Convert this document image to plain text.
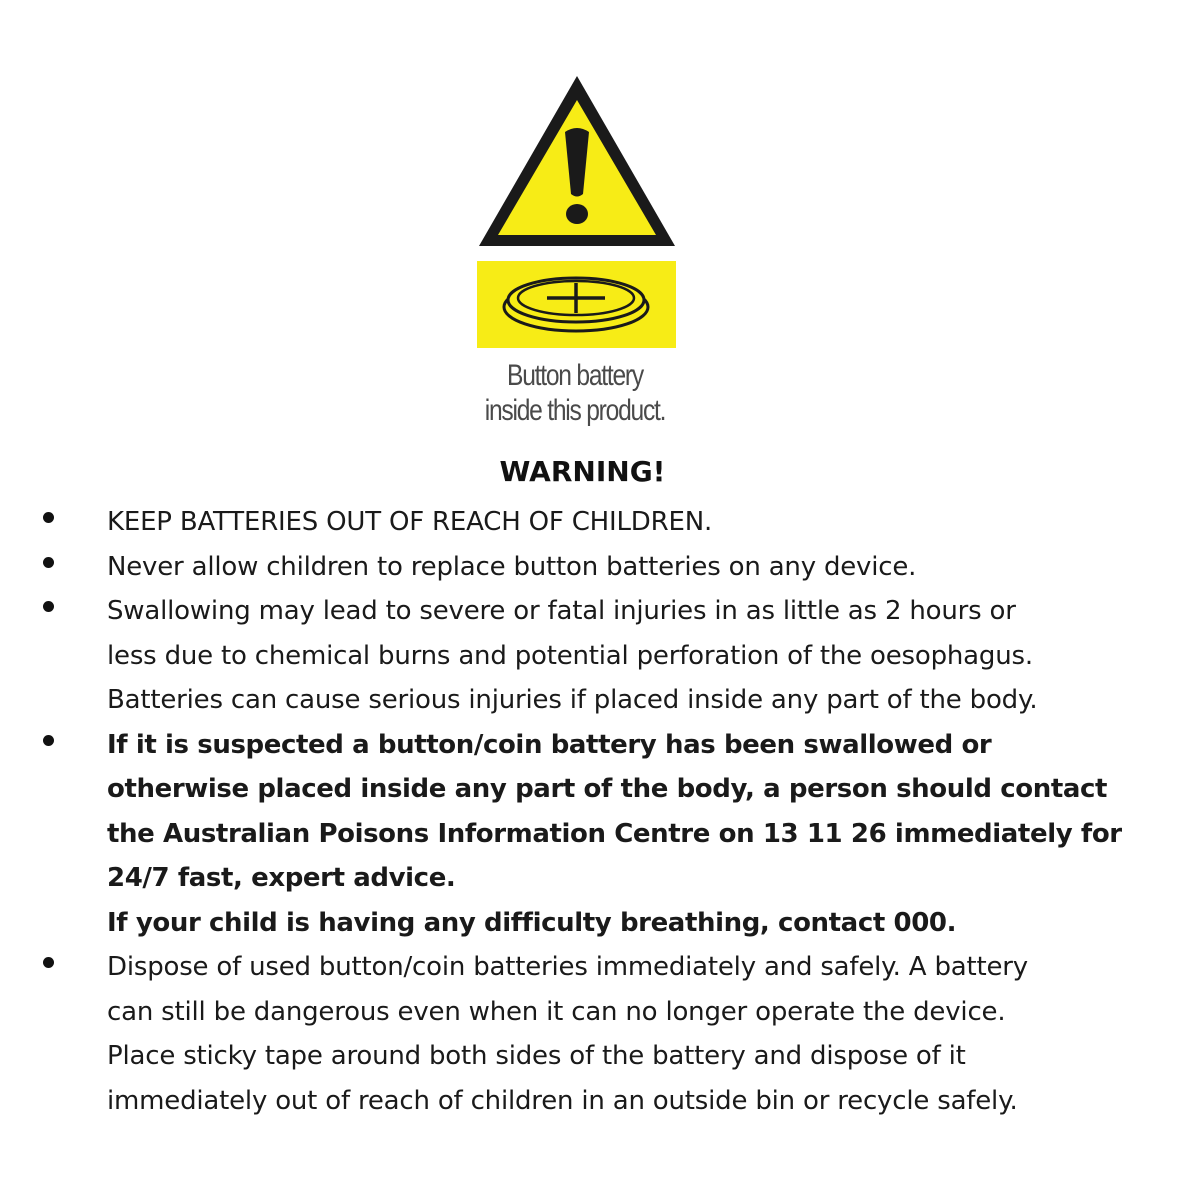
Button battery
inside this product.
WARNING!
KEEP BATTERIES OUT OF REACH OF CHILDREN.
Never allow children to replace button batteries on any device.
Swallowing may lead to severe or fatal injuries in as little as 2 hours or
less due to chemical burns and potential perforation of the oesophagus.
Batteries can cause serious injuries if placed inside any part of the body.
If it is suspected a button/coin battery has been swallowed or
otherwise placed inside any part of the body, a person should contact
the Australian Poisons Information Centre on 13 11 26 immediately for
24/7 fast, expert advice.
If your child is having any difficulty breathing, contact 000.
Dispose of used button/coin batteries immediately and safely. A battery
can still be dangerous even when it can no longer operate the device.
Place sticky tape around both sides of the battery and dispose of it
immediately out of reach of children in an outside bin or recycle safely.
